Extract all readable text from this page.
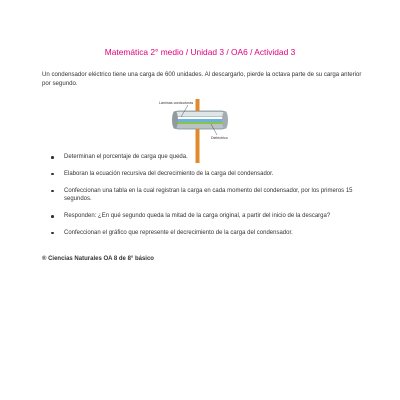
Matemática 2° medio / Unidad 3 / OA6 / Actividad 3
Un condensador eléctrico tiene una carga de 600 unidades. Al descargarlo, pierde la octava parte de su carga anterior por segundo.
Láminas conductoras
Dieléctrico
Determinan el porcentaje de carga que queda.
Elaboran la ecuación recursiva del decrecimiento de la carga del condensador.
Confeccionan una tabla en la cual registran la carga en cada momento del condensador, por los primeros 15 segundos.
Responden: ¿En qué segundo queda la mitad de la carga original, a partir del inicio de la descarga?
Confeccionan el gráfico que represente el decrecimiento de la carga del condensador.
® Ciencias Naturales OA 8 de 8° básico
